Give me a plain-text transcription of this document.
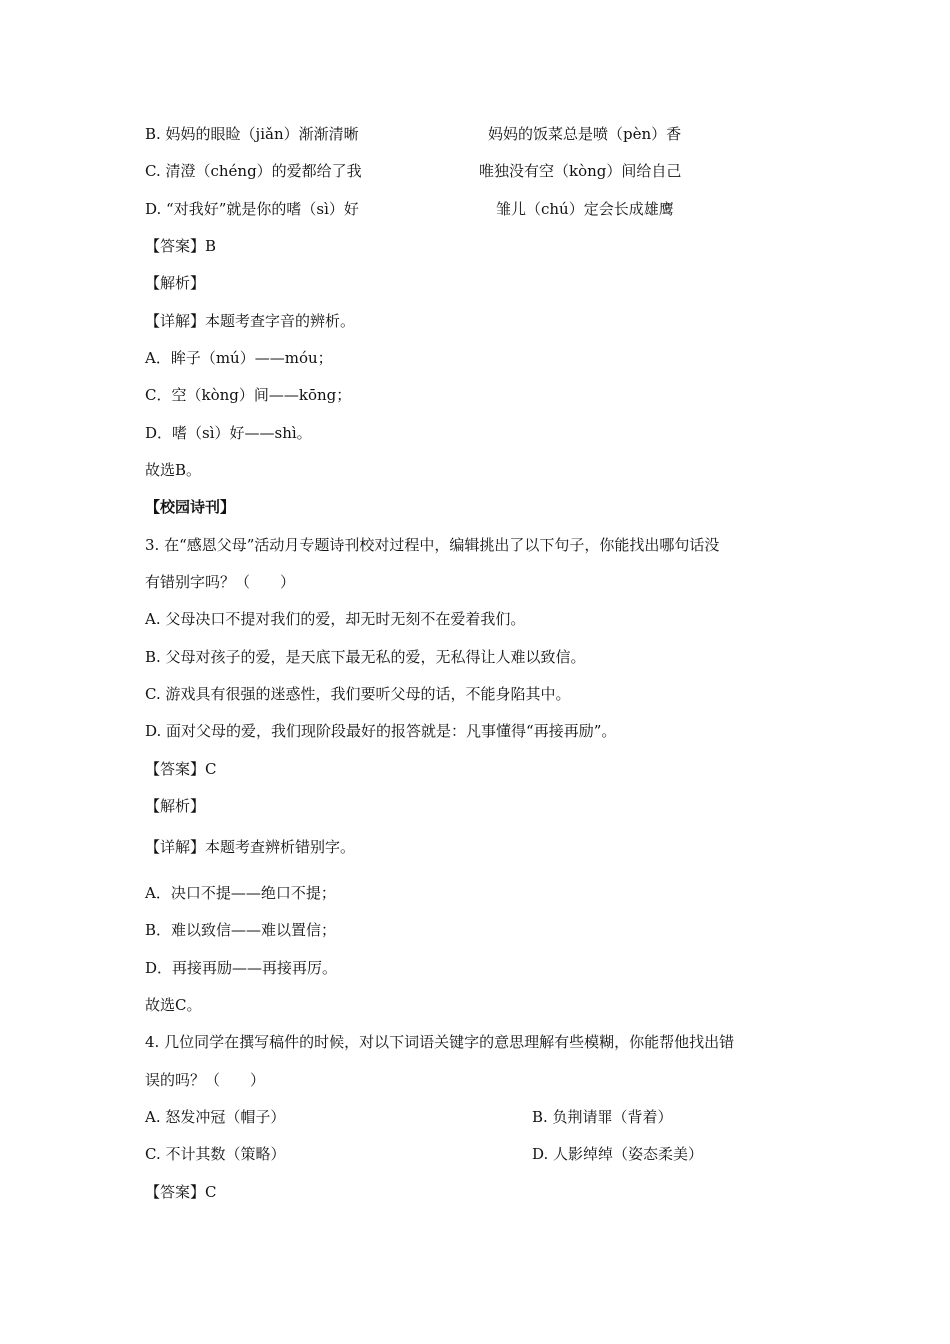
B. 妈妈的眼睑（jiǎn）渐渐清晰	妈妈的饭菜总是喷（pèn）香
C. 清澄（chéng）的爱都给了我	唯独没有空（kòng）间给自己
D. “对我好”就是你的嗜（sì）好	雏儿（chú）定会长成雄鹰
【答案】B
【解析】
【详解】本题考查字音的辨析。
A．眸子（mú）——móu；
C．空（kòng）间——kōng；
D．嗜（sì）好——shì。
故选B。
【校园诗刊】
3. 在“感恩父母”活动月专题诗刊校对过程中，编辑挑出了以下句子，你能找出哪句话没
有错别字吗？（　　）
A. 父母决口不提对我们的爱，却无时无刻不在爱着我们。
B. 父母对孩子的爱，是天底下最无私的爱，无私得让人难以致信。
C. 游戏具有很强的迷惑性，我们要听父母的话，不能身陷其中。
D. 面对父母的爱，我们现阶段最好的报答就是：凡事懂得“再接再励”。
【答案】C
【解析】
【详解】本题考查辨析错别字。
A．决口不提——绝口不提；
B．难以致信——难以置信；
D．再接再励——再接再厉。
故选C。
4. 几位同学在撰写稿件的时候，对以下词语关键字的意思理解有些模糊，你能帮他找出错
误的吗？（　　）
A. 怒发冲冠（帽子）	B. 负荆请罪（背着）
C. 不计其数（策略）	D. 人影绰绰（姿态柔美）
【答案】C
